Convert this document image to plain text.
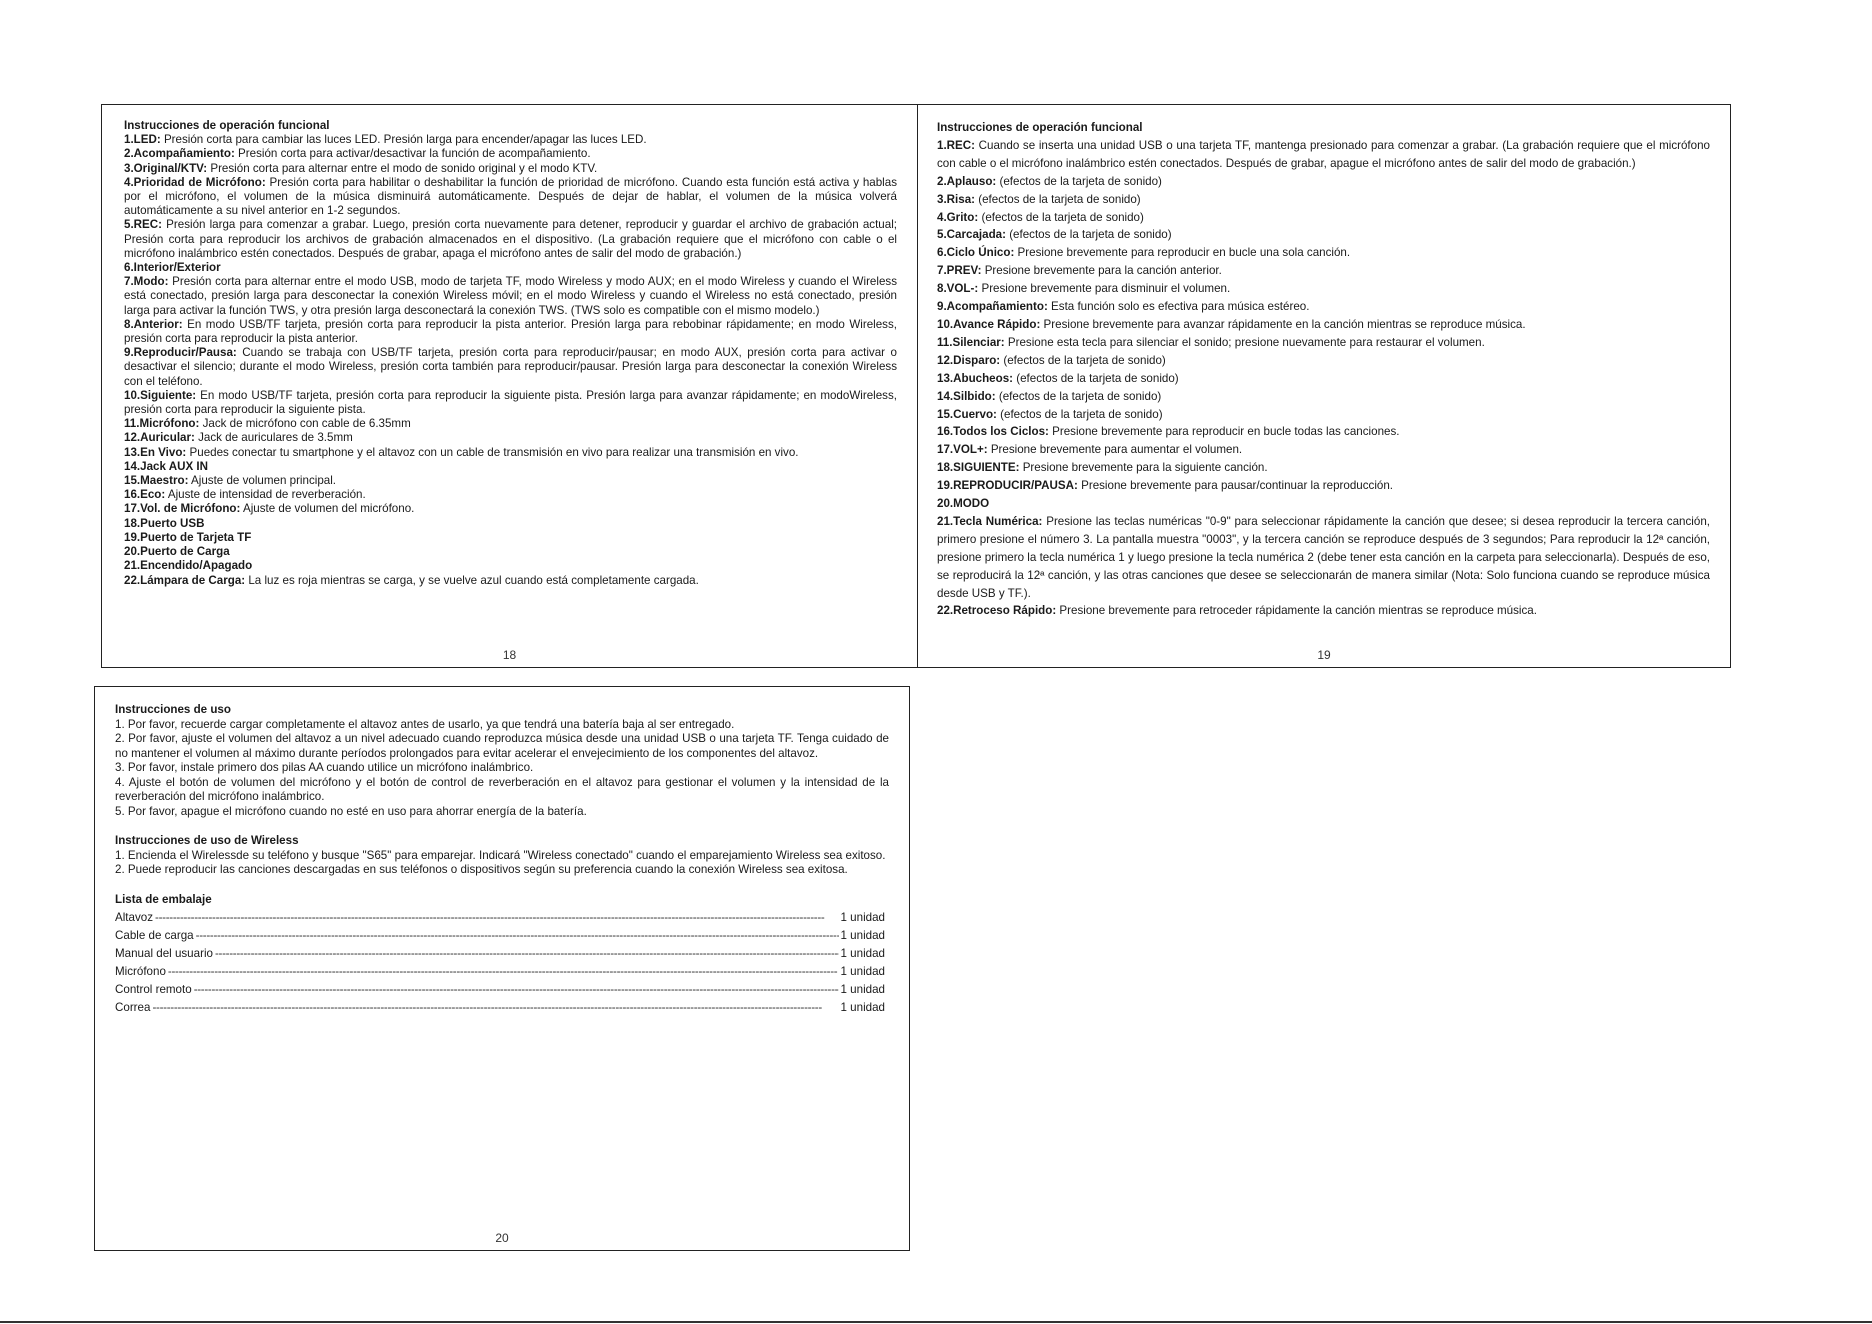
Instrucciones de operación funcional

1.LED: Presión corta para cambiar las luces LED. Presión larga para encender/apagar las luces LED.

2.Acompañamiento: Presión corta para activar/desactivar la función de acompañamiento.

3.Original/KTV: Presión corta para alternar entre el modo de sonido original y el modo KTV.

4.Prioridad de Micrófono: Presión corta para habilitar o deshabilitar la función de prioridad de micrófono. Cuando esta función está activa y hablas por el micrófono, el volumen de la música disminuirá automáticamente. Después de dejar de hablar, el volumen de la música volverá automáticamente a su nivel anterior en 1-2 segundos.

5.REC: Presión larga para comenzar a grabar. Luego, presión corta nuevamente para detener, reproducir y guardar el archivo de grabación actual; Presión corta para reproducir los archivos de grabación almacenados en el dispositivo. (La grabación requiere que el micrófono con cable o el micrófono inalámbrico estén conectados. Después de grabar, apaga el micrófono antes de salir del modo de grabación.)

6.Interior/Exterior

7.Modo: Presión corta para alternar entre el modo USB, modo de tarjeta TF, modo Wireless y modo AUX; en el modo Wireless y cuando el Wireless está conectado, presión larga para desconectar la conexión Wireless móvil; en el modo Wireless y cuando el Wireless no está conectado, presión larga para activar la función TWS, y otra presión larga desconectará la conexión TWS. (TWS solo es compatible con el mismo modelo.)

8.Anterior: En modo USB/TF tarjeta, presión corta para reproducir la pista anterior. Presión larga para rebobinar rápidamente; en modo Wireless, presión corta para reproducir la pista anterior.

9.Reproducir/Pausa: Cuando se trabaja con USB/TF tarjeta, presión corta para reproducir/pausar; en modo AUX, presión corta para activar o desactivar el silencio; durante el modo Wireless, presión corta también para reproducir/pausar. Presión larga para desconectar la conexión Wireless con el teléfono.

10.Siguiente: En modo USB/TF tarjeta, presión corta para reproducir la siguiente pista. Presión larga para avanzar rápidamente; en modoWireless, presión corta para reproducir la siguiente pista.

11.Micrófono: Jack de micrófono con cable de 6.35mm

12.Auricular: Jack de auriculares de 3.5mm

13.En Vivo: Puedes conectar tu smartphone y el altavoz con un cable de transmisión en vivo para realizar una transmisión en vivo.

14.Jack AUX IN

15.Maestro: Ajuste de volumen principal.

16.Eco: Ajuste de intensidad de reverberación.

17.Vol. de Micrófono: Ajuste de volumen del micrófono.

18.Puerto USB

19.Puerto de Tarjeta TF

20.Puerto de Carga

21.Encendido/Apagado

22.Lámpara de Carga: La luz es roja mientras se carga, y se vuelve azul cuando está completamente cargada.

18

Instrucciones de operación funcional

1.REC: Cuando se inserta una unidad USB o una tarjeta TF, mantenga presionado para comenzar a grabar. (La grabación requiere que el micrófono con cable o el micrófono inalámbrico estén conectados. Después de grabar, apague el micrófono antes de salir del modo de grabación.)

2.Aplauso: (efectos de la tarjeta de sonido)

3.Risa: (efectos de la tarjeta de sonido)

4.Grito: (efectos de la tarjeta de sonido)

5.Carcajada: (efectos de la tarjeta de sonido)

6.Ciclo Único: Presione brevemente para reproducir en bucle una sola canción.

7.PREV: Presione brevemente para la canción anterior.

8.VOL-: Presione brevemente para disminuir el volumen.

9.Acompañamiento: Esta función solo es efectiva para música estéreo.

10.Avance Rápido: Presione brevemente para avanzar rápidamente en la canción mientras se reproduce música.

11.Silenciar: Presione esta tecla para silenciar el sonido; presione nuevamente para restaurar el volumen.

12.Disparo: (efectos de la tarjeta de sonido)

13.Abucheos: (efectos de la tarjeta de sonido)

14.Silbido: (efectos de la tarjeta de sonido)

15.Cuervo: (efectos de la tarjeta de sonido)

16.Todos los Ciclos: Presione brevemente para reproducir en bucle todas las canciones.

17.VOL+: Presione brevemente para aumentar el volumen.

18.SIGUIENTE: Presione brevemente para la siguiente canción.

19.REPRODUCIR/PAUSA: Presione brevemente para pausar/continuar la reproducción.

20.MODO

21.Tecla Numérica: Presione las teclas numéricas "0-9" para seleccionar rápidamente la canción que desee; si desea reproducir la tercera canción, primero presione el número 3. La pantalla muestra "0003", y la tercera canción se reproduce después de 3 segundos; Para reproducir la 12ª canción, presione primero la tecla numérica 1 y luego presione la tecla numérica 2 (debe tener esta canción en la carpeta para seleccionarla). Después de eso, se reproducirá la 12ª canción, y las otras canciones que desee se seleccionarán de manera similar (Nota: Solo funciona cuando se reproduce música desde USB y TF.).

22.Retroceso Rápido: Presione brevemente para retroceder rápidamente la canción mientras se reproduce música.

19

Instrucciones de uso

1. Por favor, recuerde cargar completamente el altavoz antes de usarlo, ya que tendrá una batería baja al ser entregado.

2. Por favor, ajuste el volumen del altavoz a un nivel adecuado cuando reproduzca música desde una unidad USB o una tarjeta TF. Tenga cuidado de no mantener el volumen al máximo durante períodos prolongados para evitar acelerar el envejecimiento de los componentes del altavoz.

3. Por favor, instale primero dos pilas AA cuando utilice un micrófono inalámbrico.

4. Ajuste el botón de volumen del micrófono y el botón de control de reverberación en el altavoz para gestionar el volumen y la intensidad de la reverberación del micrófono inalámbrico.

5. Por favor, apague el micrófono cuando no esté en uso para ahorrar energía de la batería.

Instrucciones de uso de Wireless

1. Encienda el Wirelessde su teléfono y busque "S65" para emparejar. Indicará "Wireless conectado" cuando el emparejamiento Wireless sea exitoso.

2. Puede reproducir las canciones descargadas en sus teléfonos o dispositivos según su preferencia cuando la conexión Wireless sea exitosa.

Lista de embalaje

Altavoz -----	1 unidad
Cable de carga -----	1 unidad
Manual del usuario -----	1 unidad
Micrófono -----	1 unidad
Control remoto -----	1 unidad
Correa -----	1 unidad
20
